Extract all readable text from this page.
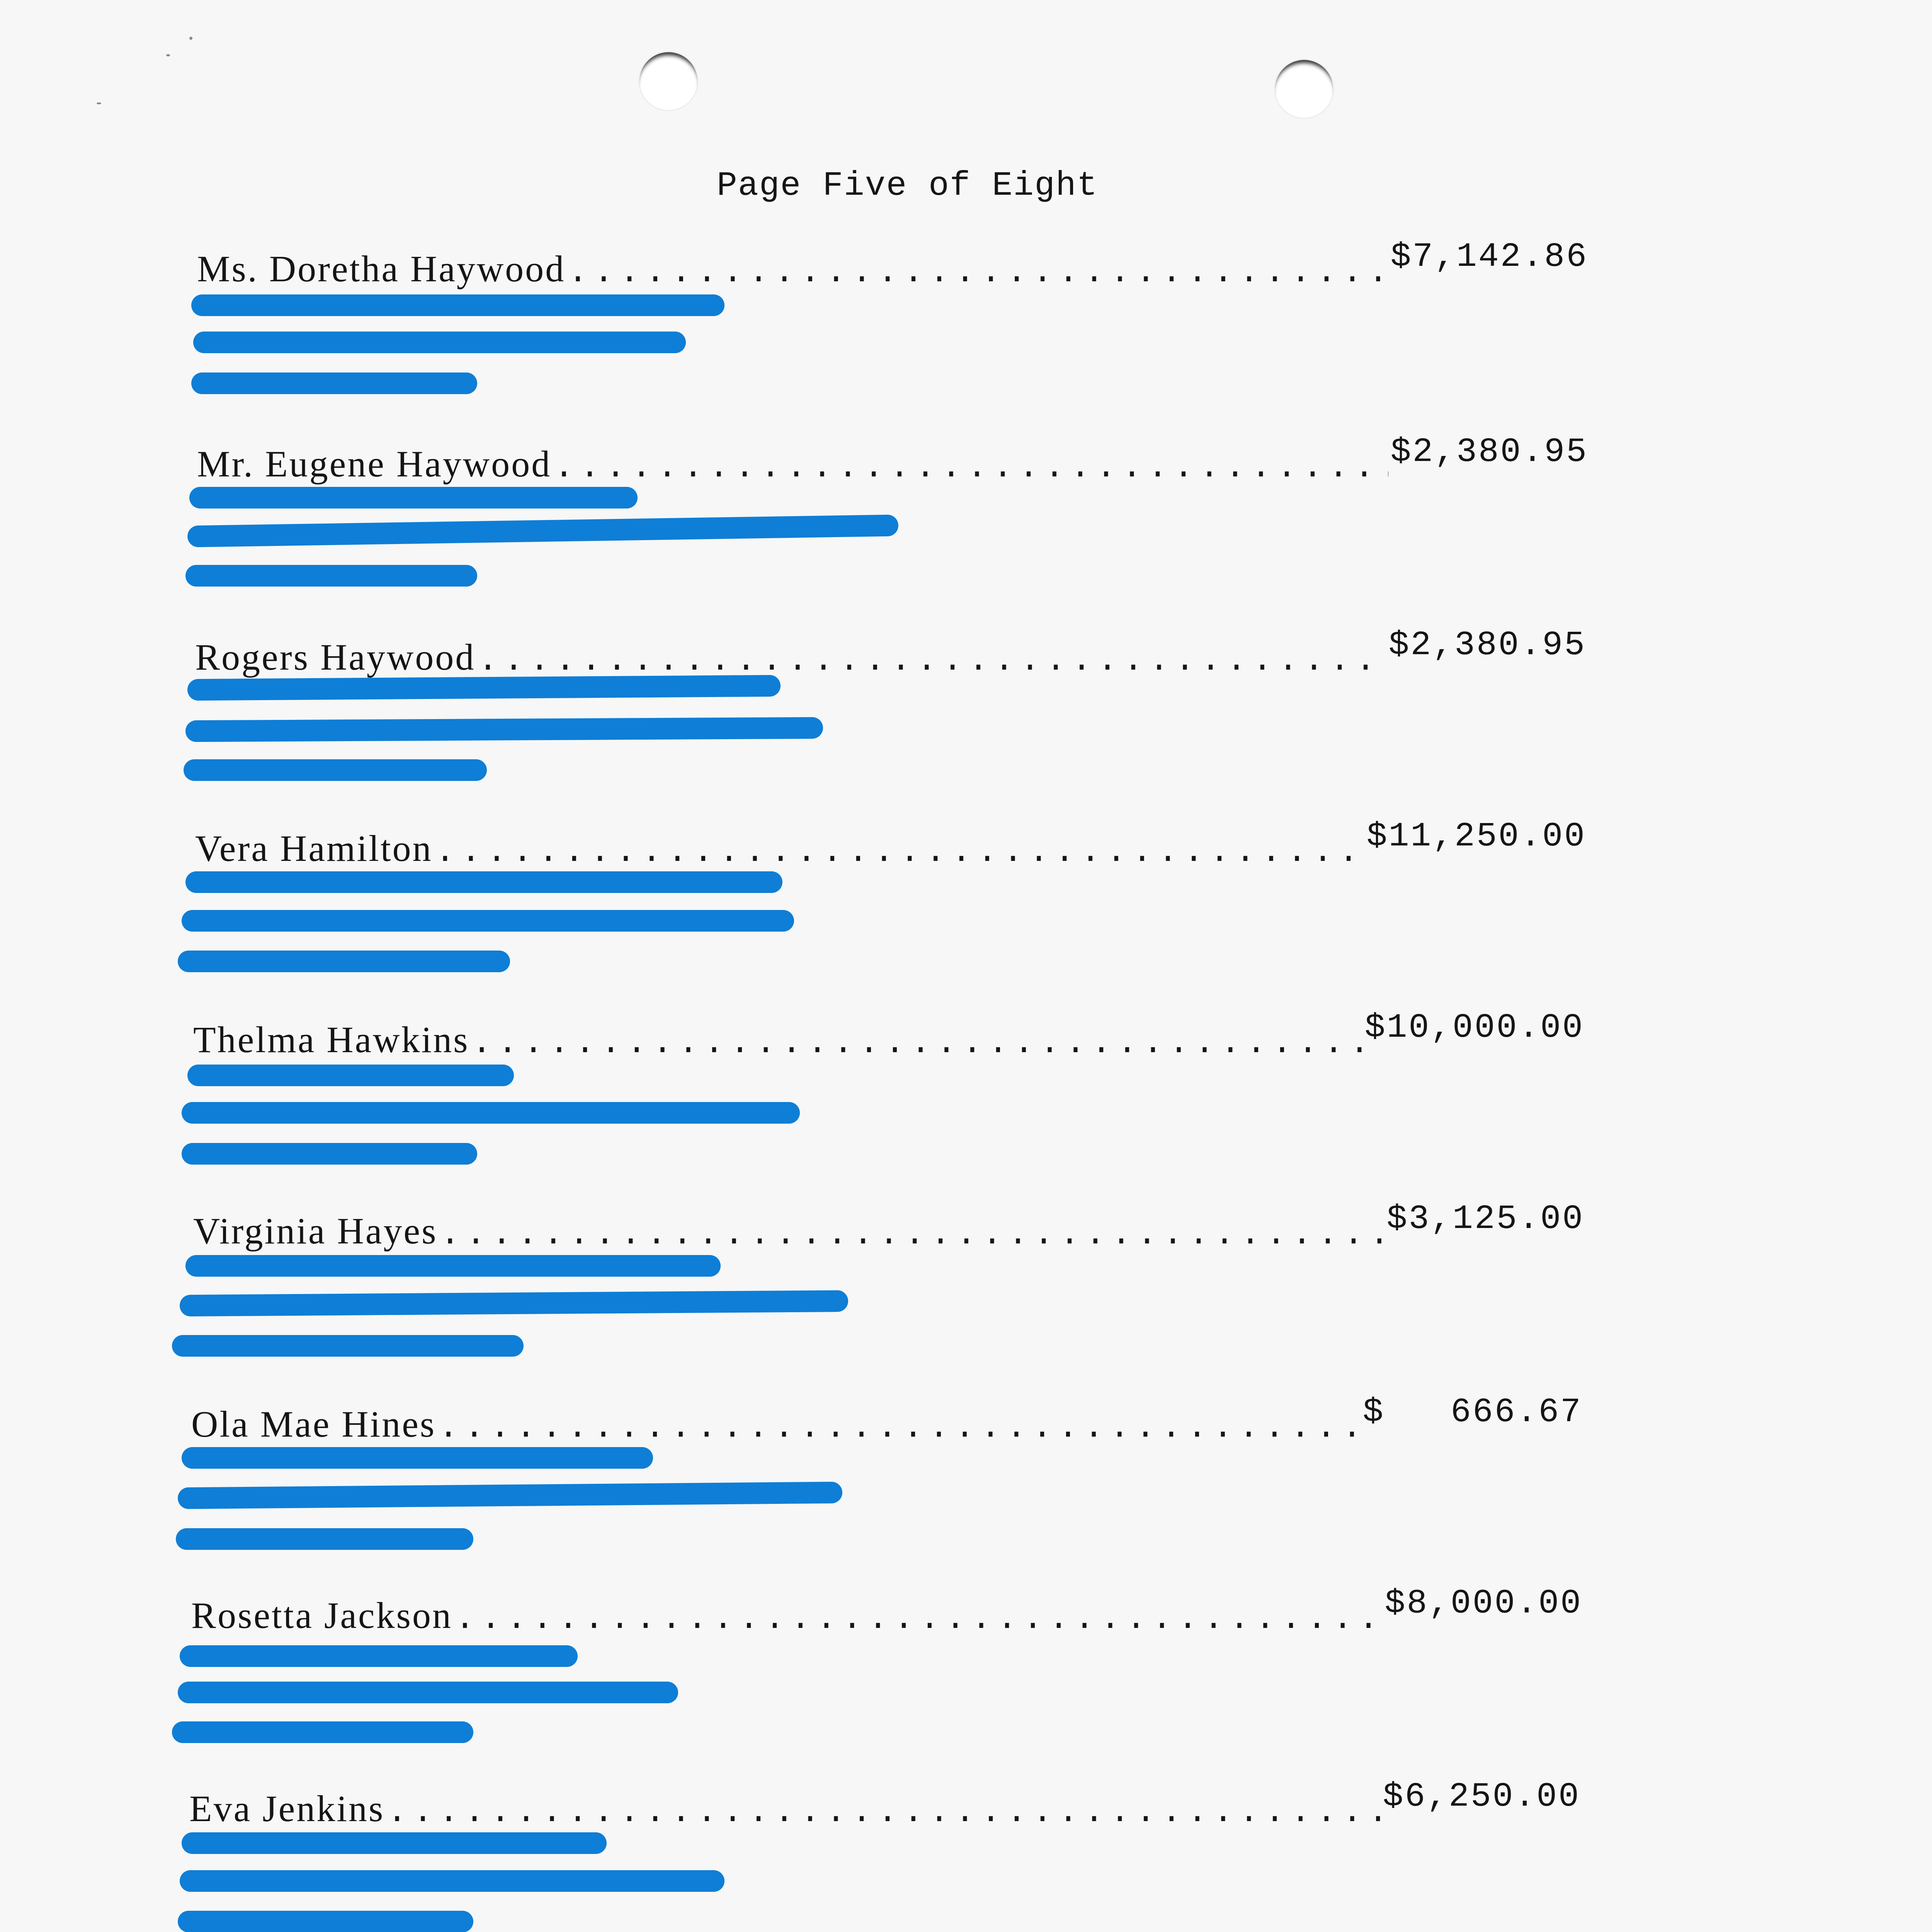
Page Five of Eight
Ms. Doretha Haywood .....	$7,142.86
Mr. Eugene Haywood .....	$2,380.95
Rogers Haywood .....	$2,380.95
Vera Hamilton .....	$11,250.00
Thelma Hawkins .....	$10,000.00
Virginia Hayes .....	$3,125.00
Ola Mae Hines .....	$   666.67
Rosetta Jackson .....	$8,000.00
Eva Jenkins .....	$6,250.00
